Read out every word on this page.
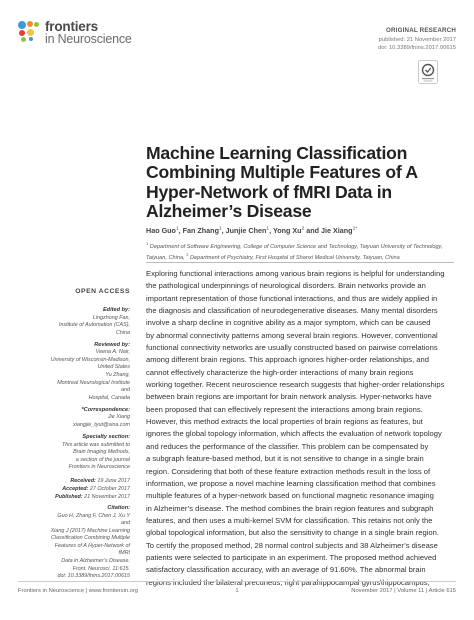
frontiers
in Neuroscience
ORIGINAL RESEARCH
published: 21 November 2017
doi: 10.3389/fnins.2017.00615
Machine Learning Classification
Combining Multiple Features of A
Hyper-Network of fMRI Data in
Alzheimer’s Disease
Hao Guo$^1$, Fan Zhang$^1$, Junjie Chen$^1$, Yong Xu$^2$ and Jie Xiang$^{1*}$
$^1$ Department of Software Engineering, College of Computer Science and Technology, Taiyuan University of Technology,
Taiyuan, China, $^2$ Department of Psychiatry, First Hospital of Shanxi Medical University, Taiyuan, China
OPEN ACCESS
Edited by:
Lingzhong Fan,
Institute of Automation (CAS), China
Reviewed by:
Veena A. Nair,
University of Wisconsin-Madison,
United States
Yu Zhang,
Montreal Neurological Institute and
Hospital, Canada
*Correspondence:
Jie Xiang
xiangjie_tyut@sina.com
Specialty section:
This article was submitted to
Brain Imaging Methods,
a section of the journal
Frontiers in Neuroscience
Received: 19 June 2017
Accepted: 27 October 2017
Published: 21 November 2017
Citation:
Guo H, Zhang F, Chen J, Xu Y and
Xiang J (2017) Machine Learning
Classification Combining Multiple
Features of A Hyper-Network of fMRI
Data in Alzheimer’s Disease.
Front. Neurosci. 11:615.
doi: 10.3389/fnins.2017.00615
Exploring functional interactions among various brain regions is helpful for understanding
the pathological underpinnings of neurological disorders. Brain networks provide an
important representation of those functional interactions, and thus are widely applied in
the diagnosis and classification of neurodegenerative diseases. Many mental disorders
involve a sharp decline in cognitive ability as a major symptom, which can be caused
by abnormal connectivity patterns among several brain regions. However, conventional
functional connectivity networks are usually constructed based on pairwise correlations
among different brain regions. This approach ignores higher-order relationships, and
cannot effectively characterize the high-order interactions of many brain regions
working together. Recent neuroscience research suggests that higher-order relationships
between brain regions are important for brain network analysis. Hyper-networks have
been proposed that can effectively represent the interactions among brain regions.
However, this method extracts the local properties of brain regions as features, but
ignores the global topology information, which affects the evaluation of network topology
and reduces the performance of the classifier. This problem can be compensated by
a subgraph feature-based method, but it is not sensitive to change in a single brain
region. Considering that both of these feature extraction methods result in the loss of
information, we propose a novel machine learning classification method that combines
multiple features of a hyper-network based on functional magnetic resonance imaging
in Alzheimer’s disease. The method combines the brain region features and subgraph
features, and then uses a multi-kernel SVM for classification. This retains not only the
global topological information, but also the sensitivity to change in a single brain region.
To certify the proposed method, 28 normal control subjects and 38 Alzheimer’s disease
patients were selected to participate in an experiment. The proposed method achieved
satisfactory classification accuracy, with an average of 91.60%. The abnormal brain
regions included the bilateral precuneus, right parahippocampal gyrus\hippocampus,
Frontiers in Neuroscience | www.frontiersin.org	1	November 2017 | Volume 11 | Article 615
